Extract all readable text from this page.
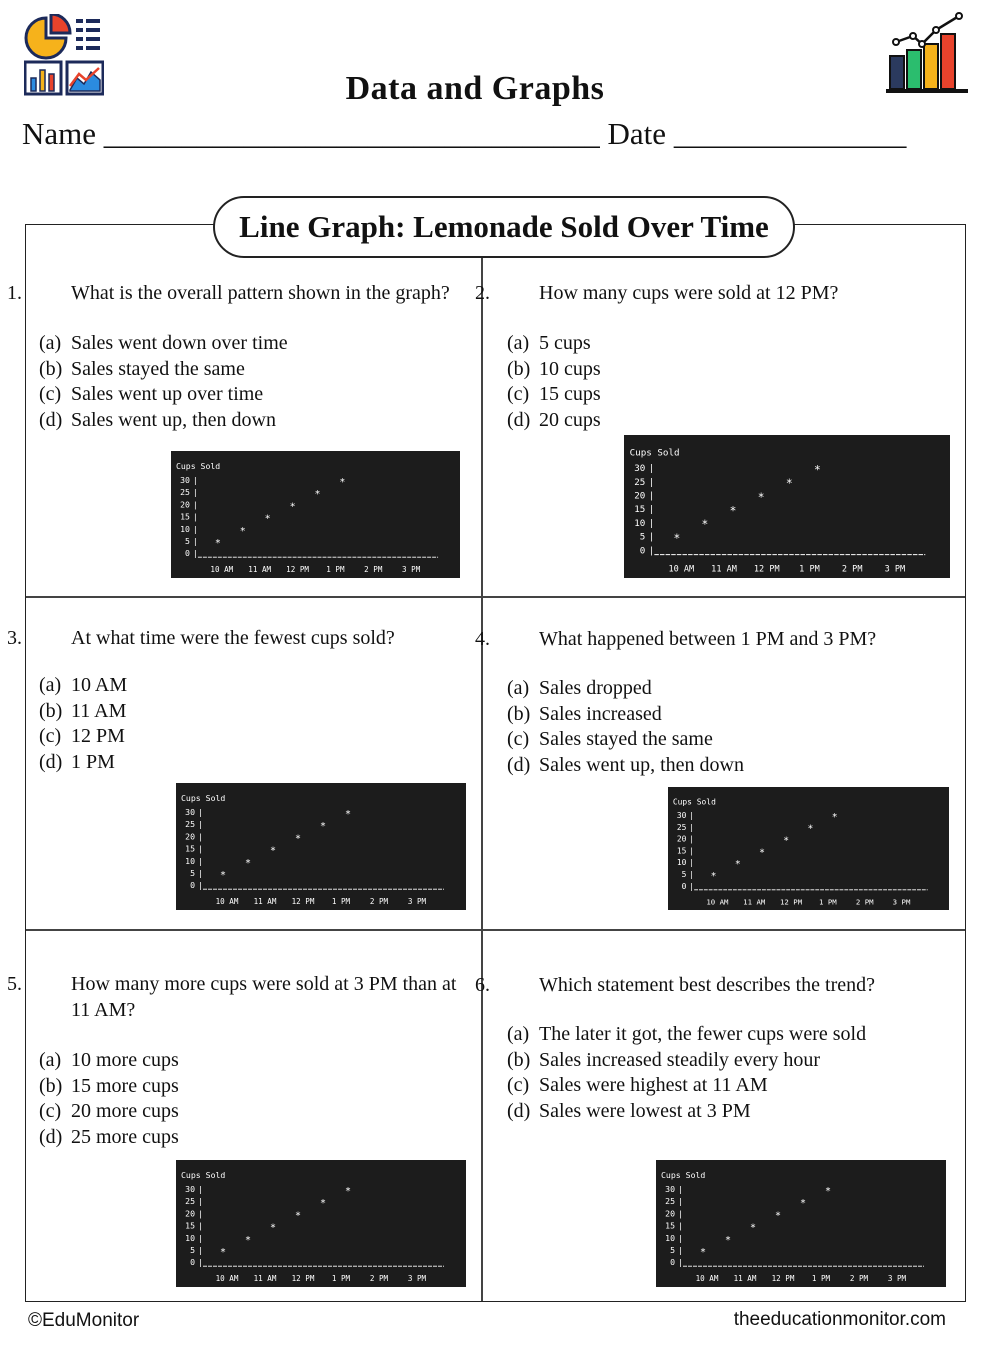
Data and Graphs
Name ________________________________ Date _______________
Line Graph: Lemonade Sold Over Time
1. What is the overall pattern shown in the graph?
(a) Sales went down over time
(b) Sales stayed the same
(c) Sales went up over time
(d) Sales went up, then down
Cups Sold
30 |
25 |
20 |
15 |
10 |
5 |
0 |
*
*
*
*
*
*
10 AM 11 AM 12 PM 1 PM	2 PM	3 PM
2. How many cups were sold at 12 PM?
(a) 5 cups
(b) 10 cups
(c) 15 cups
(d) 20 cups
Cups Sold
30 |
25 |
20 |
15 |
10 |
5 |
0 |
*
*
*
*
*
*
10 AM 11 AM 12 PM	1 PM	2 PM	3 PM
3. At what time were the fewest cups sold?
(a) 10 AM
(b) 11 AM
(c) 12 PM
(d) 1 PM
Cups Sold
30 |
25 |
20 |
15 |
10 |
5 |
0 |
*
*
*
*
*
*
10 AM 11 AM 12 PM 1 PM	2 PM	3 PM
4. What happened between 1 PM and 3 PM?
(a) Sales dropped
(b) Sales increased
(c) Sales stayed the same
(d) Sales went up, then down
Cups Sold
30 |
25 |
20 |
15 |
10 |
5 |
0 |
*
*
*
*
*
*
10 AM 11 AM 12 PM 1 PM	2 PM	3 PM
5. How many more cups were sold at 3 PM than at 11 AM?
(a) 10 more cups
(b) 15 more cups
(c) 20 more cups
(d) 25 more cups
Cups Sold
30 |
25 |
20 |
15 |
10 |
5 |
0 |
*
*
*
*
*
*
10 AM 11 AM 12 PM 1 PM	2 PM	3 PM
6. Which statement best describes the trend?
(a) The later it got, the fewer cups were sold
(b) Sales increased steadily every hour
(c) Sales were highest at 11 AM
(d) Sales were lowest at 3 PM
Cups Sold
30 |
25 |
20 |
15 |
10 |
5 |
0 |
*
*
*
*
*
*
10 AM 11 AM 12 PM 1 PM	2 PM	3 PM
©EduMonitor	theeducationmonitor.com
